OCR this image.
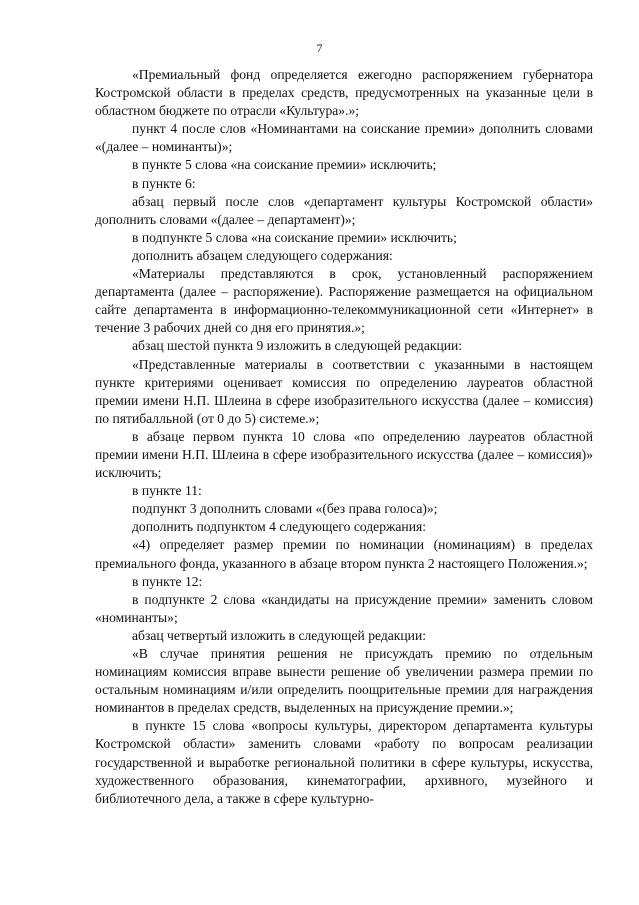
7

«Премиальный фонд определяется ежегодно распоряжением губернатора Костромской области в пределах средств, предусмотренных на указанные цели в областном бюджете по отрасли «Культура».»;

пункт 4 после слов «Номинантами на соискание премии» дополнить словами «(далее – номинанты)»;

в пункте 5 слова «на соискание премии» исключить;

в пункте 6:

абзац первый после слов «департамент культуры Костромской области» дополнить словами «(далее – департамент)»;

в подпункте 5 слова «на соискание премии» исключить;

дополнить абзацем следующего содержания:

«Материалы представляются в срок, установленный распоряжением департамента (далее – распоряжение). Распоряжение размещается на официальном сайте департамента в информационно-телекоммуникационной сети «Интернет» в течение 3 рабочих дней со дня его принятия.»;

абзац шестой пункта 9 изложить в следующей редакции:

«Представленные материалы в соответствии с указанными в настоящем пункте критериями оценивает комиссия по определению лауреатов областной премии имени Н.П. Шлеина в сфере изобразительного искусства (далее – комиссия) по пятибалльной (от 0 до 5) системе.»;

в абзаце первом пункта 10 слова «по определению лауреатов областной премии имени Н.П. Шлеина в сфере изобразительного искусства (далее – комиссия)» исключить;

в пункте 11:

подпункт 3 дополнить словами «(без права голоса)»;

дополнить подпунктом 4 следующего содержания:

«4) определяет размер премии по номинации (номинациям) в пределах премиального фонда, указанного в абзаце втором пункта 2 настоящего Положения.»;

в пункте 12:

в подпункте 2 слова «кандидаты на присуждение премии» заменить словом «номинанты»;

абзац четвертый изложить в следующей редакции:

«В случае принятия решения не присуждать премию по отдельным номинациям комиссия вправе вынести решение об увеличении размера премии по остальным номинациям и/или определить поощрительные премии для награждения номинантов в пределах средств, выделенных на присуждение премии.»;

в пункте 15 слова «вопросы культуры, директором департамента культуры Костромской области» заменить словами «работу по вопросам реализации государственной и выработке региональной политики в сфере культуры, искусства, художественного образования, кинематографии, архивного, музейного и библиотечного дела, а также в сфере культурно-
